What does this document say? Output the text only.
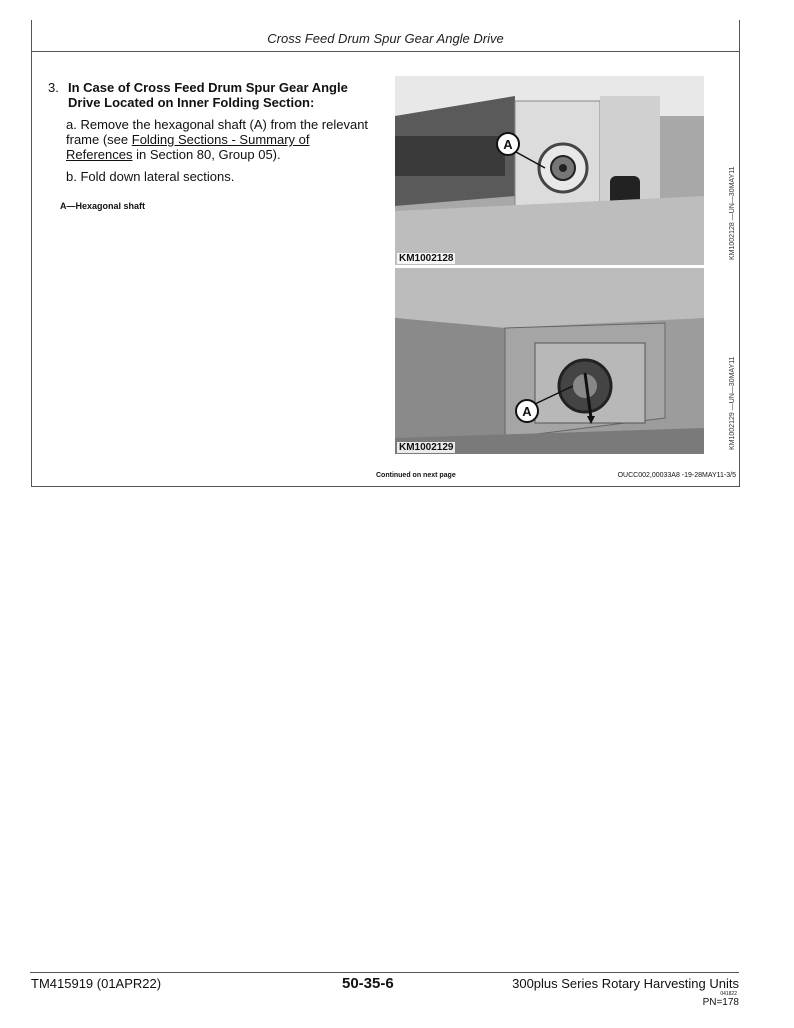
Cross Feed Drum Spur Gear Angle Drive
3. In Case of Cross Feed Drum Spur Gear Angle Drive Located on Inner Folding Section:
a. Remove the hexagonal shaft (A) from the relevant frame (see Folding Sections - Summary of References in Section 80, Group 05).
b. Fold down lateral sections.
A—Hexagonal shaft
A
KM1002128	KM1002128 —UN—30MAY11
A
KM1002129	KM1002129 —UN—30MAY11
Continued on next page	OUCC002,00033A8 -19-28MAY11-3/5
TM415919 (01APR22)	50-35-6	300plus Series Rotary Harvesting Units
041822
PN=178
